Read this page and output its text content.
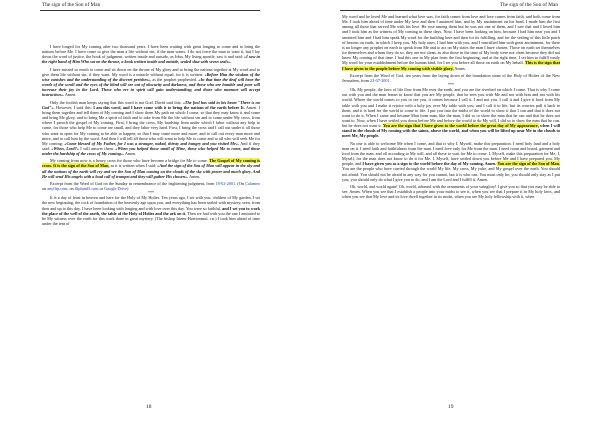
The sign of the Son of Man

I have longed for My coming after two thousand years. I have been waiting with great longing to come and to bring the nations before Me. I have come to give the man a life without sin, if the man wants. I do not force the man to want it, but I lay down the word of justice, the book of judgment, written inside and outside, as John, My living apostle, saw it and said: «I saw in the right hand of Him Who sat on the throne, a book written inside and outside, sealed shut with seven seals».

I have missed so much to come and sit down on the throne of My glory and to bring the nations together at My word and to give them life without sin, if they want. My word is a miracle without equal, for it is written: «Before Him the wisdom of the wise vanishes and the understanding of the discreet perishes», as the prophet prophesied. «In that time the deaf will hear the words of the scroll and the eyes of the blind will see out of obscurity and darkness, and those who are humble and poor will increase their joy in the Lord. Those who err in spirit will gain understanding; and those who murmur will accept instruction». Amen.

Only the foolish man keeps saying that this word is not God. David said this: «The fool has said in his heart "There is no God"». However, I said this: I am this word, and I have come with it to bring the nations of the earth before It. Amen. I bring them together and tell them of My coming and I show them My path on which I come, so that they may know it and come and bring Me glory, and to bring Me a spirit of faith and to take from Me the life without sin and to come under My cross, from where I preach the gospel of My coming. First, I bring the cross, My hardship from under which I labor without any help to come, for those who help Me to come are small, and they labor very hard. First, I bring the cross and I call out under it all those who want to open for My coming to be able to happen, so that I may come more and more, and to call out every man more and more, and to call him by the word. And then I will tell all those who will want to help Me to come and to all who will seek Me for My coming: «Come blessed of My Father, for I was a stranger, naked, thirsty and hungry and you visited Me». And if they said: «When, Lord?» I will answer them: «When you helped those small of Mine, those who helped Me to come, and those under the hardship of the cross of My coming». Amen.

My coming from now is a heavy cross for those who have become a bridge for Me to come. The Gospel of My coming is cross. It is the sign of the Son of Man, as it is written when I said: «And the sign of the Son of Man will appear in the sky and all the nations of the earth will cry and see the Son of Man coming on the clouds of the sky with power and much glory. And He will send His angels with a loud call of trumpet and they will gather His chosen». Amen.

Excerpt from the Word of God on the Sunday in remembrance of the frightening judgment, from 18-02-2001. (On Calameo on anyflip.com, on fliphtml5.com or Google Drive)

***

It is a day of feast in heaven and here for the Holy of My Holies. Ten years ago, I set with you, children of My garden, I set the new beginning, the rock of foundation of the heavenly age upon you, and everything has been sealed with mystery, seen, from then and up to this day. I have been looking with longing and with love over this day. You were so faithful, and I set you to work the place of the well of the earth, the table of the Holy of Holies and the ark on it. Then we had with you the one I anointed to be My witness over the earth for this work done in great mystery. (The bishop Irineu-Horticeanul, r.n.) I took him ahead of time under the tent of

18
The sign of the Son of Man

My word and he loved Me and learned what love was, for faith comes from love and love comes from faith, and both come from Me. I took him ahead of time under My love and then I anointed him, and by My anointment on his head, I made him the first among all those that served Me with his love. He rose among them but he was not one of them, and I saw that and I loved him and I took him as the witness of My coming in these days. Now, I have been looking on him, because I had him near you and I anointed him and I had him speak My word for the building here and then for its fulfilling, and for the sealing of this little patch of heaven on earth, in which I keep you. My holy ones, I had him with you, and I sanctified him with great anointment, for there is no longer any prophet on earth to speak from Me and to act on My stairs the man I have chosen. Those on earth set themselves for themselves and whom they do so, they are not clean, as also those in the time of My body were not clean because they did not know My coming of that time. I had this one in My plan from the first beginning, and at the right time, I set him to fulfill vastly My word for your establishment before the human kind, for I set you before all those on earth on My behalf. This is the sign that I have given to the people before My coming with visible glory. Amen.

Excerpt from the Word of God, ten years from the laying down of the foundation stone of the Holy of Holies of the New Jerusalem, from 22-07-2001.

***

Oh, My people, the laws of life flow from Me over the earth, and you are the riverbed on which I come. That is why I come out with you and the man learns to know that you are My people, that he sees you with Me and not with him and not with his world. Where the world comes to you to see you, it comes because I call it. I and not you. I call it and I give it food from My table with you and I make it rejoice with a holy joy over My table with you, and I call it to life, but its worries pull it back to them, and it is hard for the world to come to life. I put you into the midst of the world to show it that I can and that it does not want to do it. When I came and became Man from man, like the man, I did so to show the man that he can and that he does not want to. Now, when I have settled you down before Me and before the world to do My will, I did so to show the man that he can, but he does not want it. You are the sign that I have given to the world before the great day of My appearance, when I will stand in the clouds of My coming with the saints, above the world, and when you will be lifted up near Me in the clouds to meet Me, My people.

No one is able to welcome Me when I come, and that is why I, Myself, make this preparation. I need holy land and a holy man on it. I need faith and faithfulness from the man. I need love only for Me from the man. I need room and board, garment and food from the man, and all according to My will, and all these to wait for Me to come. I, Myself, make this preparation for Me, I, Myself, for the man does not know to do it for Me. I, Myself, have settled down you before Me and I have prepared you, My people, and I have given you as a sign to the world before the day of My coming. Amen. You are the sign of the Son of Man. You are the people who have carried through the world My life, My cross, My yoke, and My gospel over the earth. You should not afraid. You should not be afraid in any way for you cannot, but it is who can. You must only be; you should only stay as I put you; you should only do what I give you to do, and I am the Lord and I fulfill it. Amen.

Oh, world, and world again! Oh, world, adorned with the ornaments of your vainglory! I give you so that you may be able to see. Amen. When you see that I establish a people into your midst to see it, when you see that I prepare it in My holy laws, and when you see that My love and its love dwell together in its midst, when you see My holy fellowship with it, when

19
